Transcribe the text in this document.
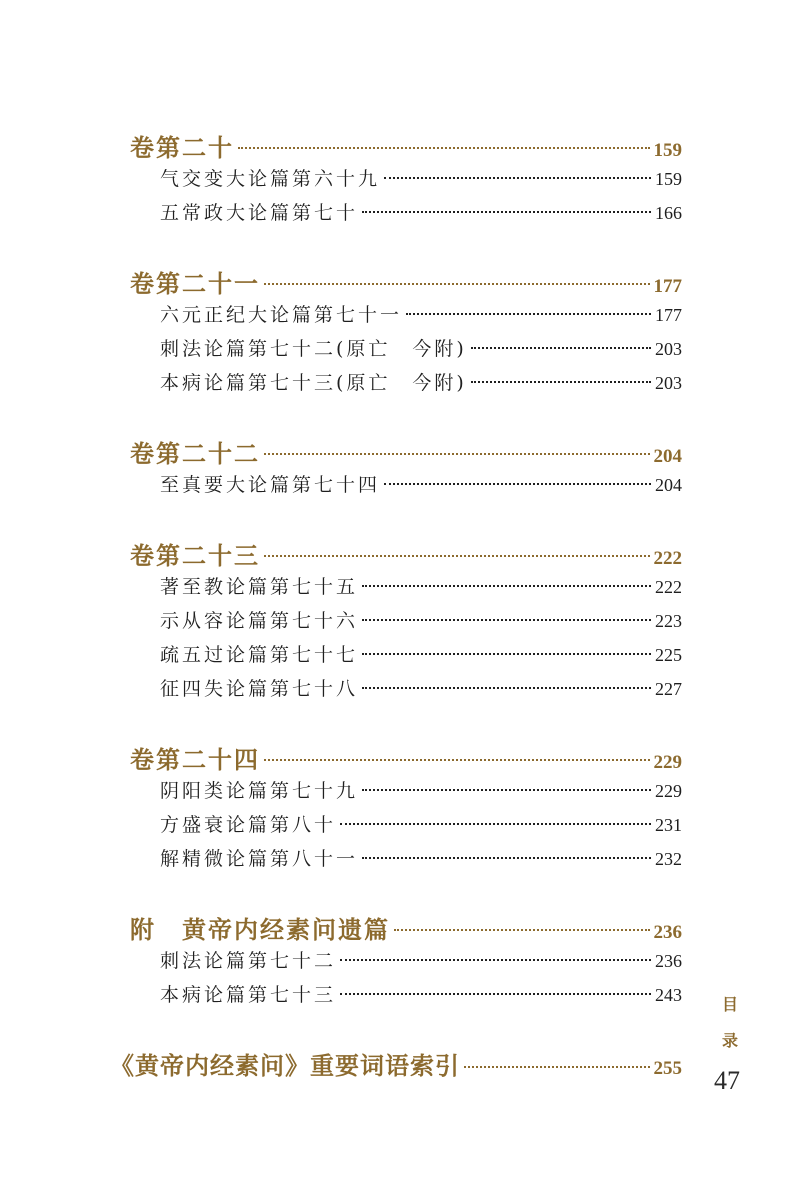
卷第二十	159
气交变大论篇第六十九	159
五常政大论篇第七十	166
卷第二十一	177
六元正纪大论篇第七十一	177
刺法论篇第七十二(原亡　今附)	203
本病论篇第七十三(原亡　今附)	203
卷第二十二	204
至真要大论篇第七十四	204
卷第二十三	222
著至教论篇第七十五	222
示从容论篇第七十六	223
疏五过论篇第七十七	225
征四失论篇第七十八	227
卷第二十四	229
阴阳类论篇第七十九	229
方盛衰论篇第八十	231
解精微论篇第八十一	232
附　黄帝内经素问遗篇	236
刺法论篇第七十二	236
本病论篇第七十三	243
《黄帝内经素问》重要词语索引	255
目
录
47
